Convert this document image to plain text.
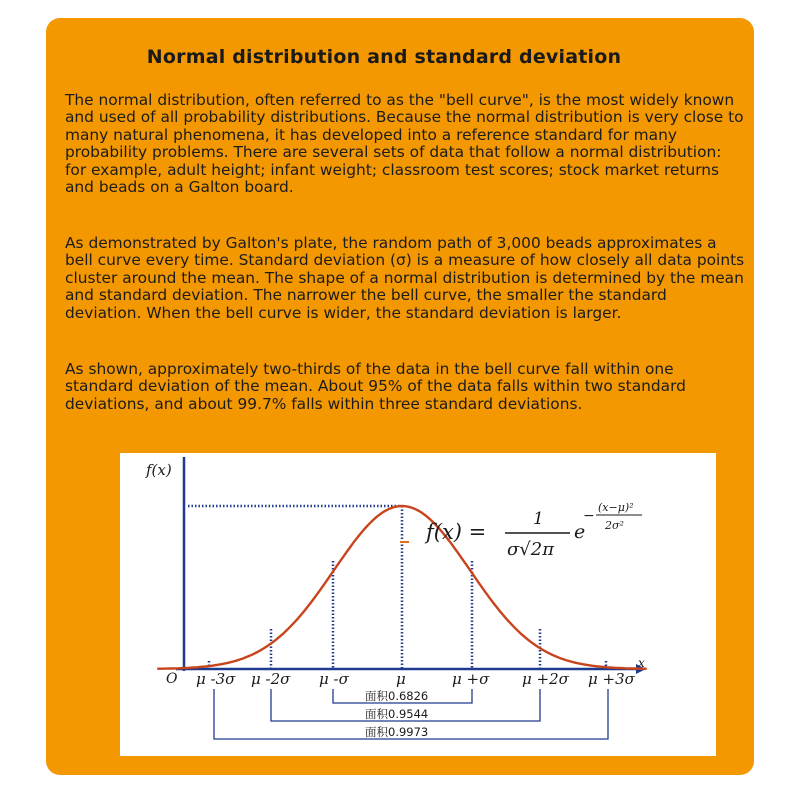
Normal distribution and standard deviation

The normal distribution, often referred to as the "bell curve", is the most widely known and used of all probability distributions. Because the normal distribution is very close to many natural phenomena, it has developed into a reference standard for many probability problems. There are several sets of data that follow a normal distribution: for example, adult height; infant weight; classroom test scores; stock market returns and beads on a Galton board.

As demonstrated by Galton's plate, the random path of 3,000 beads approximates a bell curve every time. Standard deviation (σ) is a measure of how closely all data points cluster around the mean. The shape of a normal distribution is determined by the mean and standard deviation. The narrower the bell curve, the smaller the standard deviation. When the bell curve is wider, the standard deviation is larger.

As shown, approximately two-thirds of the data in the bell curve fall within one standard deviation of the mean. About 95% of the data falls within two standard deviations, and about 99.7% falls within three standard deviations.

f(x)
x
O
f(x) =
1
σ√2π
e
−
(x−μ)²
2σ²
μ -3σ μ -2σ μ -σ	μ	μ +σ μ +2σ μ +3σ
面积0.6826
面积0.9544
面积0.9973
